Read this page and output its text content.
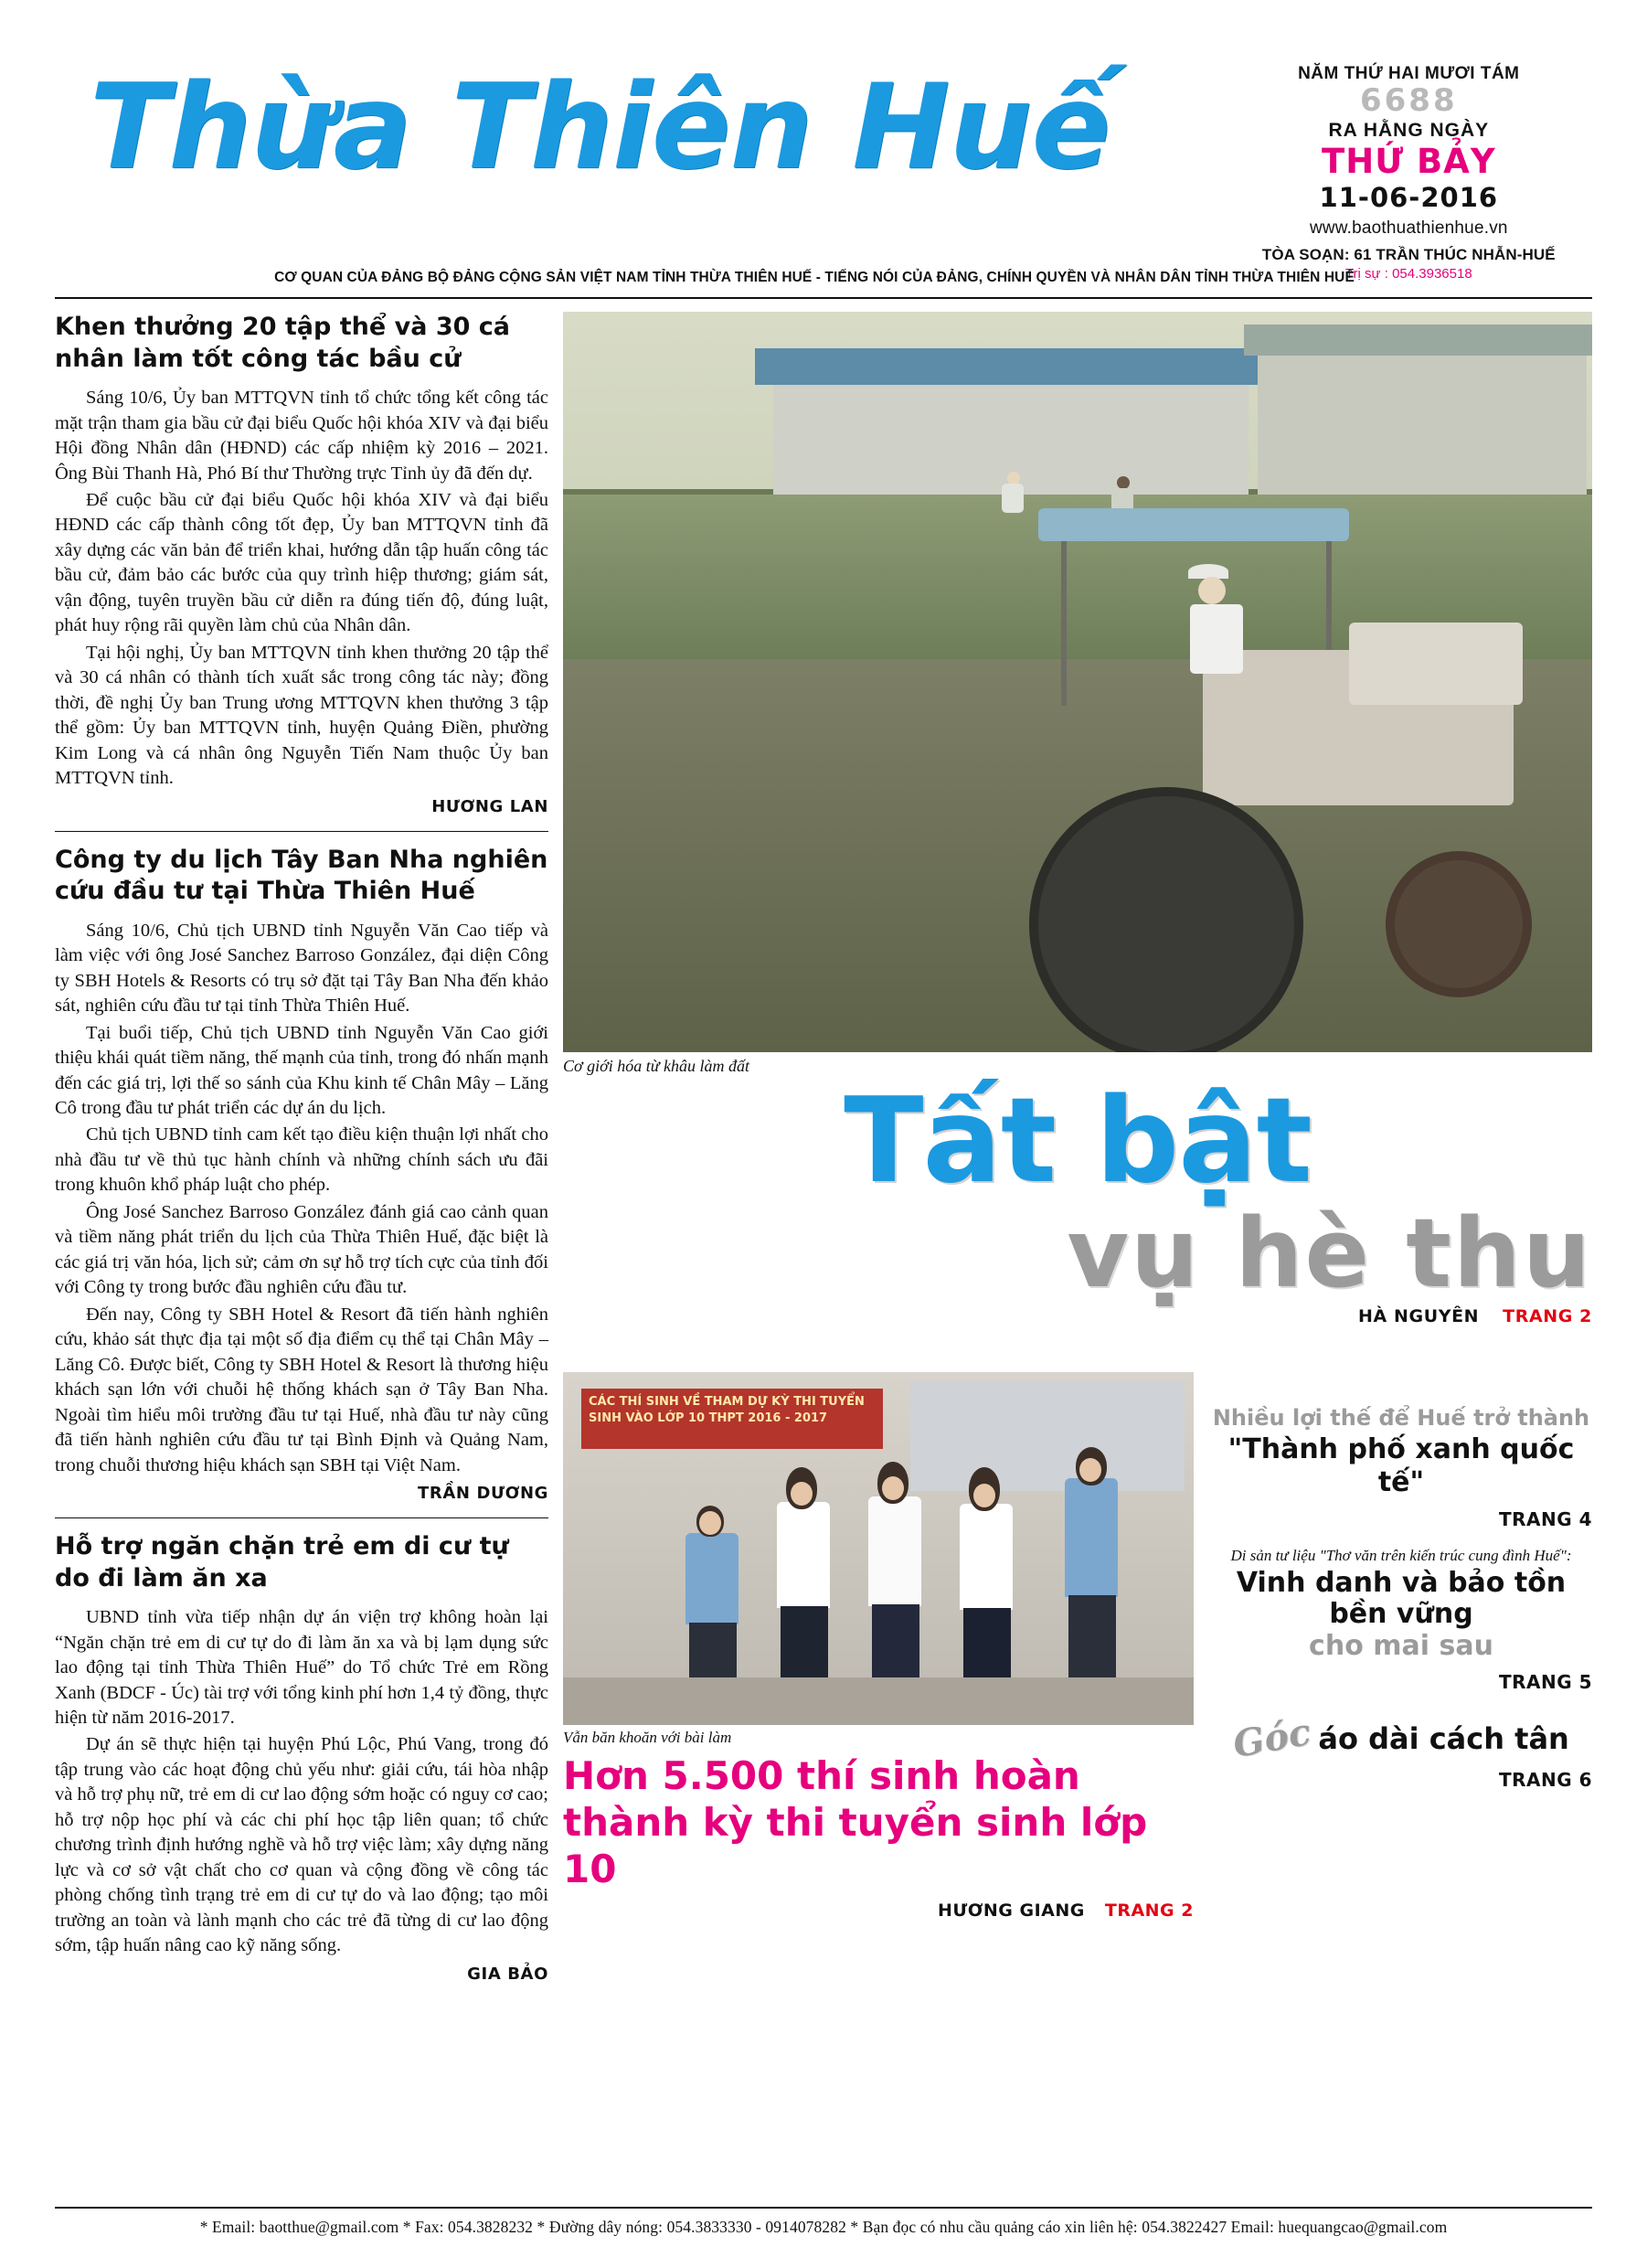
Thừa Thiên Huế	NĂM THỨ HAI MƯƠI TÁM
6688
RA HẰNG NGÀY
THỨ BẢY
11-06-2016
www.baothuathienhue.vn
TÒA SOẠN: 61 TRẦN THÚC NHẪN-HUẾ
Trị sự : 054.3936518
CƠ QUAN CỦA ĐẢNG BỘ ĐẢNG CỘNG SẢN VIỆT NAM TỈNH THỪA THIÊN HUẾ - TIẾNG NÓI CỦA ĐẢNG, CHÍNH QUYỀN VÀ NHÂN DÂN TỈNH THỪA THIÊN HUẾ
Khen thưởng 20 tập thể và 30 cá nhân làm tốt công tác bầu cử

Sáng 10/6, Ủy ban MTTQVN tỉnh tổ chức tổng kết công tác mặt trận tham gia bầu cử đại biểu Quốc hội khóa XIV và đại biểu Hội đồng Nhân dân (HĐND) các cấp nhiệm kỳ 2016 – 2021. Ông Bùi Thanh Hà, Phó Bí thư Thường trực Tỉnh ủy đã đến dự.

Để cuộc bầu cử đại biểu Quốc hội khóa XIV và đại biểu HĐND các cấp thành công tốt đẹp, Ủy ban MTTQVN tỉnh đã xây dựng các văn bản để triển khai, hướng dẫn tập huấn công tác bầu cử, đảm bảo các bước của quy trình hiệp thương; giám sát, vận động, tuyên truyền bầu cử diễn ra đúng tiến độ, đúng luật, phát huy rộng rãi quyền làm chủ của Nhân dân.

Tại hội nghị, Ủy ban MTTQVN tỉnh khen thưởng 20 tập thể và 30 cá nhân có thành tích xuất sắc trong công tác này; đồng thời, đề nghị Ủy ban Trung ương MTTQVN khen thưởng 3 tập thể gồm: Ủy ban MTTQVN tỉnh, huyện Quảng Điền, phường Kim Long và cá nhân ông Nguyễn Tiến Nam thuộc Ủy ban MTTQVN tỉnh.

HƯƠNG LAN
Công ty du lịch Tây Ban Nha nghiên cứu đầu tư tại Thừa Thiên Huế

Sáng 10/6, Chủ tịch UBND tỉnh Nguyễn Văn Cao tiếp và làm việc với ông José Sanchez Barroso González, đại diện Công ty SBH Hotels & Resorts có trụ sở đặt tại Tây Ban Nha đến khảo sát, nghiên cứu đầu tư tại tỉnh Thừa Thiên Huế.

Tại buổi tiếp, Chủ tịch UBND tỉnh Nguyễn Văn Cao giới thiệu khái quát tiềm năng, thế mạnh của tỉnh, trong đó nhấn mạnh đến các giá trị, lợi thế so sánh của Khu kinh tế Chân Mây – Lăng Cô trong đầu tư phát triển các dự án du lịch.

Chủ tịch UBND tỉnh cam kết tạo điều kiện thuận lợi nhất cho nhà đầu tư về thủ tục hành chính và những chính sách ưu đãi trong khuôn khổ pháp luật cho phép.

Ông José Sanchez Barroso González đánh giá cao cảnh quan và tiềm năng phát triển du lịch của Thừa Thiên Huế, đặc biệt là các giá trị văn hóa, lịch sử; cảm ơn sự hỗ trợ tích cực của tỉnh đối với Công ty trong bước đầu nghiên cứu đầu tư.

Đến nay, Công ty SBH Hotel & Resort đã tiến hành nghiên cứu, khảo sát thực địa tại một số địa điểm cụ thể tại Chân Mây – Lăng Cô. Được biết, Công ty SBH Hotel & Resort là thương hiệu khách sạn lớn với chuỗi hệ thống khách sạn ở Tây Ban Nha. Ngoài tìm hiểu môi trường đầu tư tại Huế, nhà đầu tư này cũng đã tiến hành nghiên cứu đầu tư tại Bình Định và Quảng Nam, trong chuỗi thương hiệu khách sạn SBH tại Việt Nam.

TRẦN DƯƠNG
Hỗ trợ ngăn chặn trẻ em di cư tự do đi làm ăn xa

UBND tỉnh vừa tiếp nhận dự án viện trợ không hoàn lại “Ngăn chặn trẻ em di cư tự do đi làm ăn xa và bị lạm dụng sức lao động tại tỉnh Thừa Thiên Huế” do Tổ chức Trẻ em Rồng Xanh (BDCF - Úc) tài trợ với tổng kinh phí hơn 1,4 tỷ đồng, thực hiện từ năm 2016-2017.

Dự án sẽ thực hiện tại huyện Phú Lộc, Phú Vang, trong đó tập trung vào các hoạt động chủ yếu như: giải cứu, tái hòa nhập và hỗ trợ phụ nữ, trẻ em di cư lao động sớm hoặc có nguy cơ cao; hỗ trợ nộp học phí và các chi phí học tập liên quan; tổ chức chương trình định hướng nghề và hỗ trợ việc làm; xây dựng năng lực và cơ sở vật chất cho cơ quan và cộng đồng về công tác phòng chống tình trạng trẻ em di cư tự do và lao động; tạo môi trường an toàn và lành mạnh cho các trẻ đã từng di cư lao động sớm, tập huấn nâng cao kỹ năng sống.

GIA BẢO
Cơ giới hóa từ khâu làm đất
Tất bật
vụ hè thu
HÀ NGUYÊN TRANG 2
CÁC THÍ SINH VỀ THAM DỰ KỲ THI TUYỂN SINH VÀO LỚP 10 THPT 2016 - 2017
Vẫn băn khoăn với bài làm
Hơn 5.500 thí sinh hoàn thành kỳ thi tuyển sinh lớp 10
HƯƠNG GIANG TRANG 2
Nhiều lợi thế để Huế trở thành
"Thành phố xanh quốc tế"
TRANG 4
Di sản tư liệu "Thơ văn trên kiến trúc cung đình Huế":
Vinh danh và bảo tồn bền vững
cho mai sau
TRANG 5
Góc áo dài cách tân
TRANG 6
* Email: baotthue@gmail.com * Fax: 054.3828232 * Đường dây nóng: 054.3833330 - 0914078282 * Bạn đọc có nhu cầu quảng cáo xin liên hệ: 054.3822427 Email: huequangcao@gmail.com
